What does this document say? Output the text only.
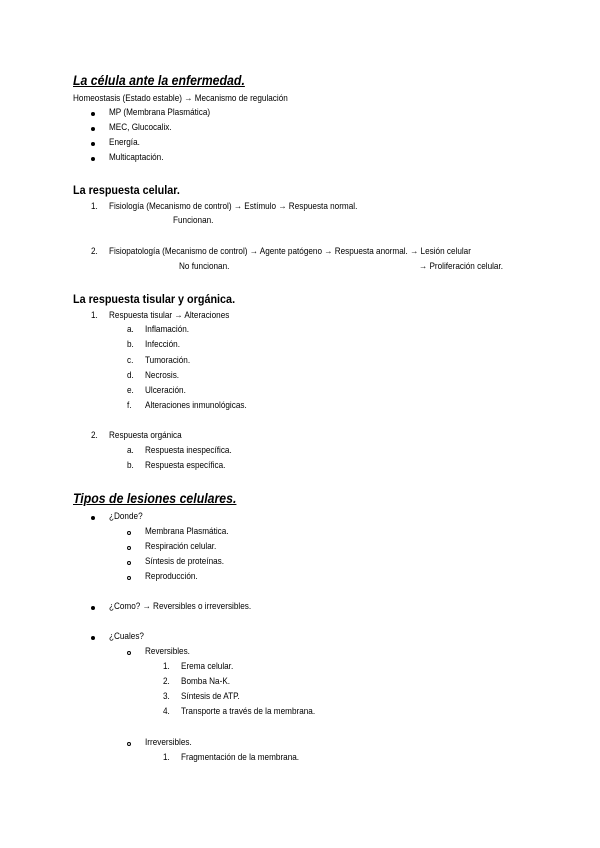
La célula ante la enfermedad.
Homeostasis (Estado estable) → Mecanismo de regulación
MP (Membrana Plasmática)
MEC, Glucocalix.
Energía.
Multicaptación.
La respuesta celular.
1. Fisiología (Mecanismo de control) → Estímulo → Respuesta normal.
Funcionan.
2. Fisiopatología (Mecanismo de control) → Agente patógeno → Respuesta anormal. → Lesión celular
No funcionan.	→ Proliferación celular.
La respuesta tisular y orgánica.
1. Respuesta tisular → Alteraciones
a. Inflamación.
b. Infección.
c. Tumoración.
d. Necrosis.
e. Ulceración.
f. Alteraciones inmunológicas.
2. Respuesta orgánica
a. Respuesta inespecífica.
b. Respuesta específica.
Tipos de lesiones celulares.
¿Donde?
Membrana Plasmática.
Respiración celular.
Síntesis de proteínas.
Reproducción.
¿Como? → Reversibles o irreversibles.
¿Cuales?
Reversibles.
1. Erema celular.
2. Bomba Na-K.
3. Síntesis de ATP.
4. Transporte a través de la membrana.
Irreversibles.
1. Fragmentación de la membrana.
